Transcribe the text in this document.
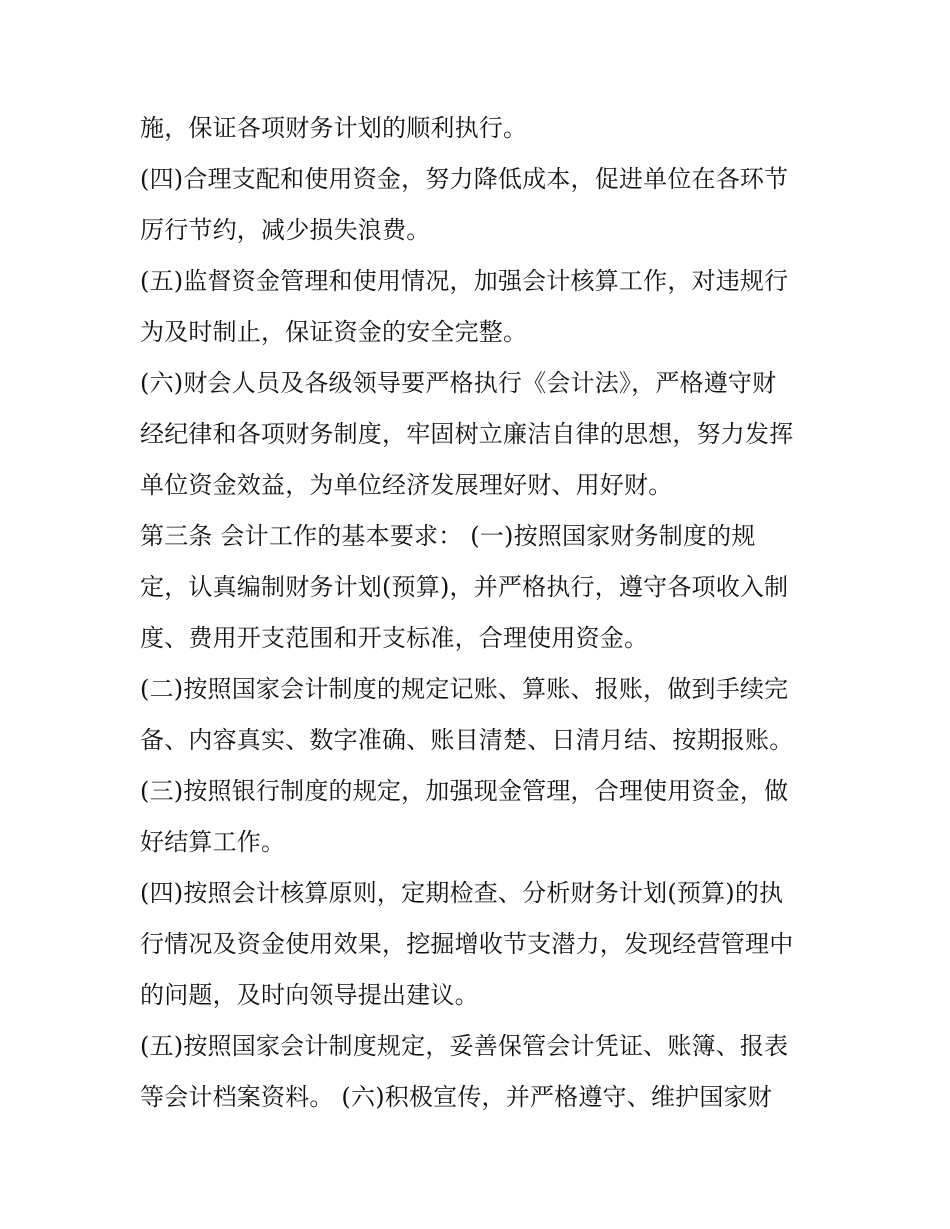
施，保证各项财务计划的顺利执行。
(四)合理支配和使用资金，努力降低成本，促进单位在各环节
厉行节约，减少损失浪费。
(五)监督资金管理和使用情况，加强会计核算工作，对违规行
为及时制止，保证资金的安全完整。
(六)财会人员及各级领导要严格执行《会计法》，严格遵守财
经纪律和各项财务制度，牢固树立廉洁自律的思想，努力发挥
单位资金效益，为单位经济发展理好财、用好财。
第三条 会计工作的基本要求： (一)按照国家财务制度的规
定，认真编制财务计划(预算)，并严格执行，遵守各项收入制
度、费用开支范围和开支标准，合理使用资金。
(二)按照国家会计制度的规定记账、算账、报账，做到手续完
备、内容真实、数字准确、账目清楚、日清月结、按期报账。
(三)按照银行制度的规定，加强现金管理，合理使用资金，做
好结算工作。
(四)按照会计核算原则，定期检查、分析财务计划(预算)的执
行情况及资金使用效果，挖掘增收节支潜力，发现经营管理中
的问题，及时向领导提出建议。
(五)按照国家会计制度规定，妥善保管会计凭证、账簿、报表
等会计档案资料。 (六)积极宣传，并严格遵守、维护国家财
